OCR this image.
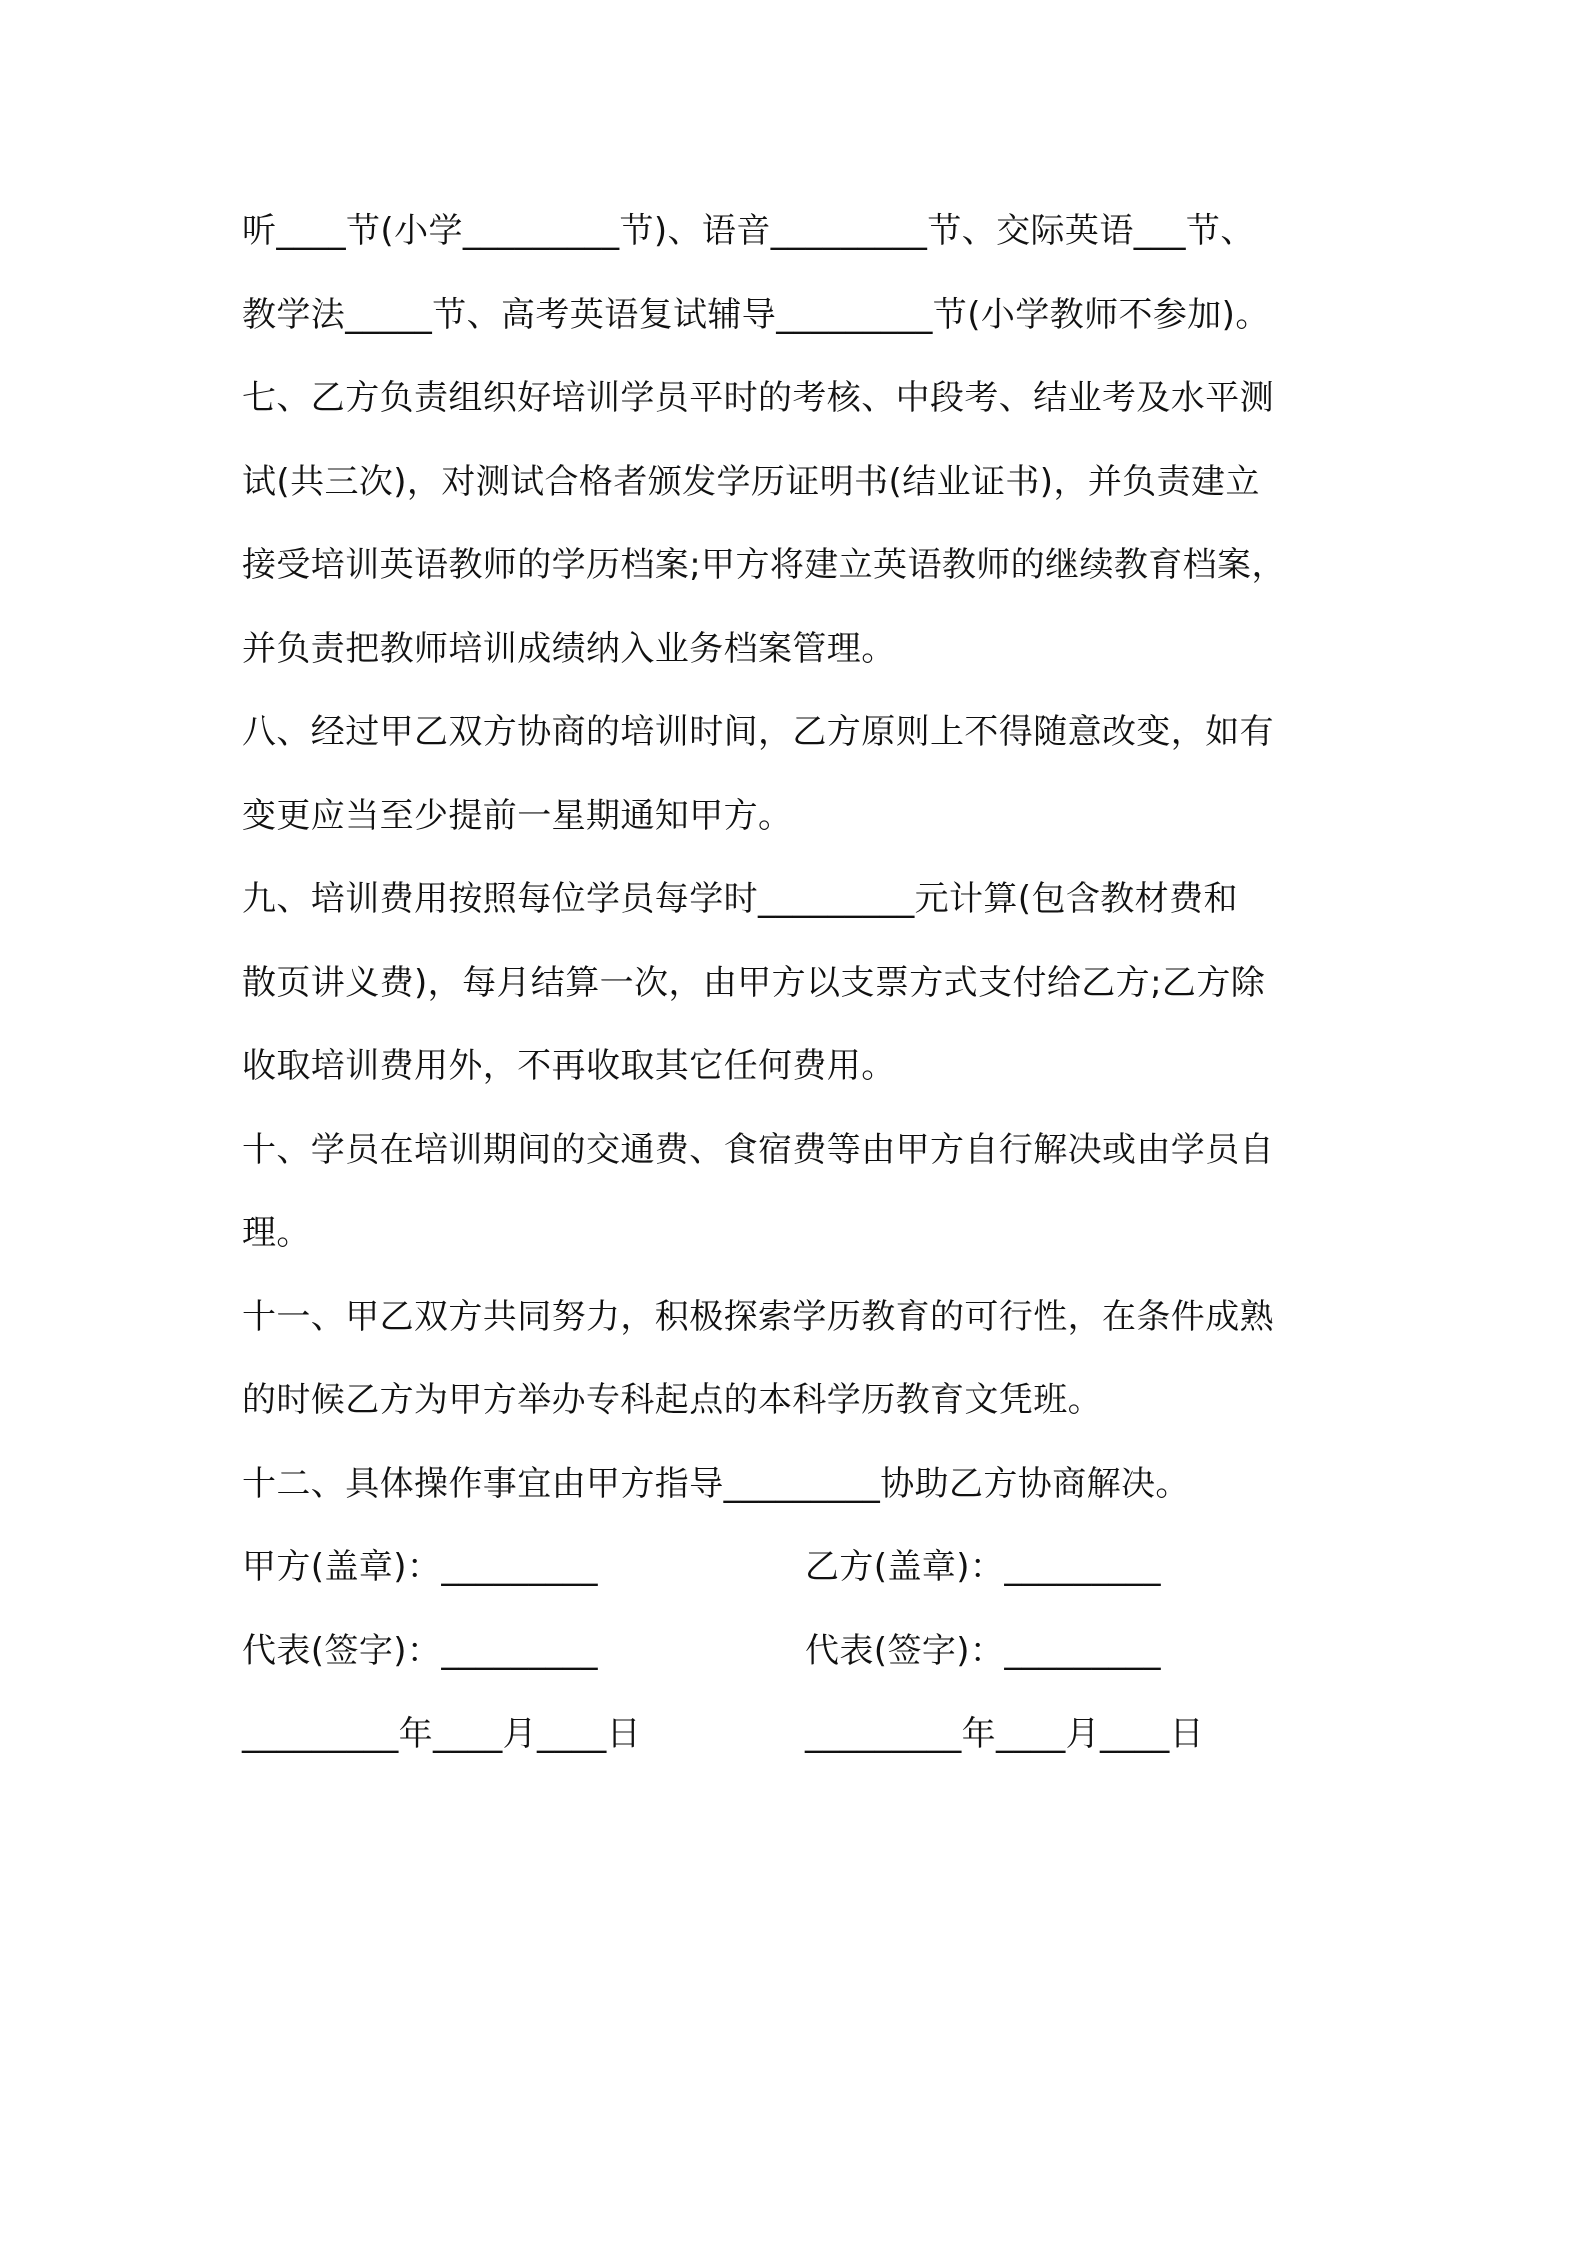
听____节(小学_________节)、语音_________节、交际英语___节、
教学法_____节、高考英语复试辅导_________节(小学教师不参加)。
七、乙方负责组织好培训学员平时的考核、中段考、结业考及水平测
试(共三次)，对测试合格者颁发学历证明书(结业证书)，并负责建立
接受培训英语教师的学历档案;甲方将建立英语教师的继续教育档案，
并负责把教师培训成绩纳入业务档案管理。
八、经过甲乙双方协商的培训时间，乙方原则上不得随意改变，如有
变更应当至少提前一星期通知甲方。
九、培训费用按照每位学员每学时_________元计算(包含教材费和
散页讲义费)，每月结算一次，由甲方以支票方式支付给乙方;乙方除
收取培训费用外，不再收取其它任何费用。
十、学员在培训期间的交通费、食宿费等由甲方自行解决或由学员自
理。
十一、甲乙双方共同努力，积极探索学历教育的可行性，在条件成熟
的时候乙方为甲方举办专科起点的本科学历教育文凭班。
十二、具体操作事宜由甲方指导_________协助乙方协商解决。

甲方(盖章)：_________

	乙方(盖章)：_________

代表(签字)：_________

	代表(签字)：_________

_________年____月____日

	_________年____月____日
